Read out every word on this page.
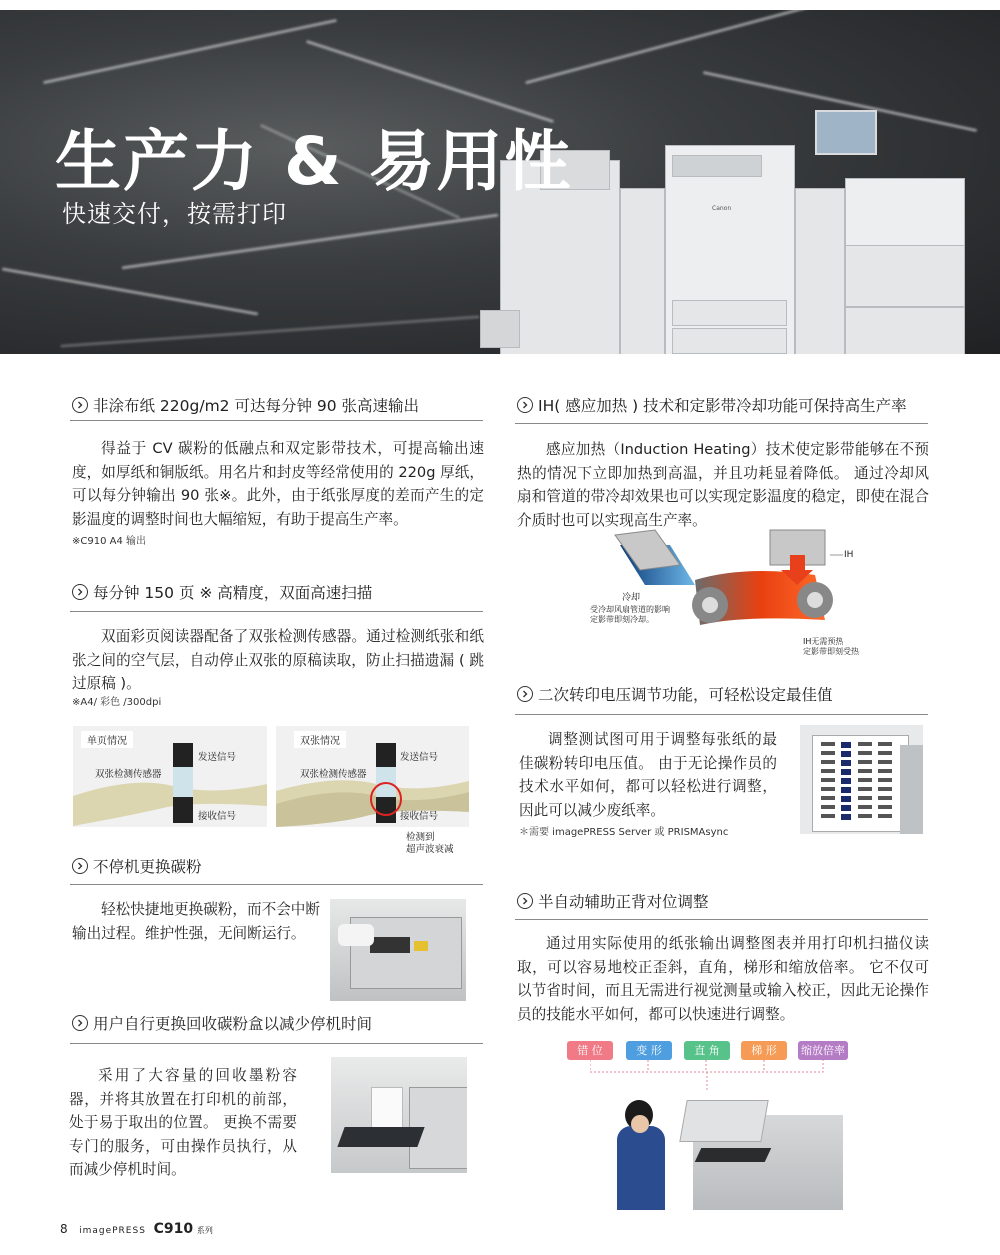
Canon
生产力 & 易用性
快速交付，按需打印
非涂布纸 220g/m2 可达每分钟 90 张高速输出
得益于 CV 碳粉的低融点和双定影带技术，可提高输出速度，如厚纸和铜版纸。用名片和封皮等经常使用的 220g 厚纸，可以每分钟输出 90 张※。此外，由于纸张厚度的差而产生的定影温度的调整时间也大幅缩短，有助于提高生产率。
※C910 A4 输出
每分钟 150 页 ※ 高精度，双面高速扫描
双面彩页阅读器配备了双张检测传感器。通过检测纸张和纸张之间的空气层，自动停止双张的原稿读取，防止扫描遗漏 ( 跳过原稿 )。
※A4/ 彩色 /300dpi
单页情况
双张检测传感器
发送信号
接收信号
双张情况
双张检测传感器
发送信号
接收信号
检测到
超声波衰减
不停机更换碳粉
轻松快捷地更换碳粉，而不会中断输出过程。维护性强，无间断运行。
用户自行更换回收碳粉盒以减少停机时间
采用了大容量的回收墨粉容器，并将其放置在打印机的前部，处于易于取出的位置。 更换不需要专门的服务，可由操作员执行，从而减少停机时间。
IH( 感应加热 ) 技术和定影带冷却功能可保持高生产率
感应加热（Induction Heating）技术使定影带能够在不预热的情况下立即加热到高温，并且功耗显着降低。 通过冷却风扇和管道的带冷却效果也可以实现定影温度的稳定，即使在混合介质时也可以实现高生产率。
冷却
受冷却风扇管道的影响
定影带即刻冷却。
IH
IH无需预热
定影带即刻受热
二次转印电压调节功能，可轻松设定最佳值
调整测试图可用于调整每张纸的最佳碳粉转印电压值。 由于无论操作员的技术水平如何，都可以轻松进行调整，因此可以减少废纸率。
＊需要 imagePRESS Server 或 PRISMAsync
半自动辅助正背对位调整
通过用实际使用的纸张输出调整图表并用打印机扫描仪读取，可以容易地校正歪斜，直角，梯形和缩放倍率。 它不仅可以节省时间，而且无需进行视觉测量或输入校正，因此无论操作员的技能水平如何，都可以快速进行调整。
错 位	变 形	直 角	梯 形	缩放倍率
8 imagePRESS C910 系列
